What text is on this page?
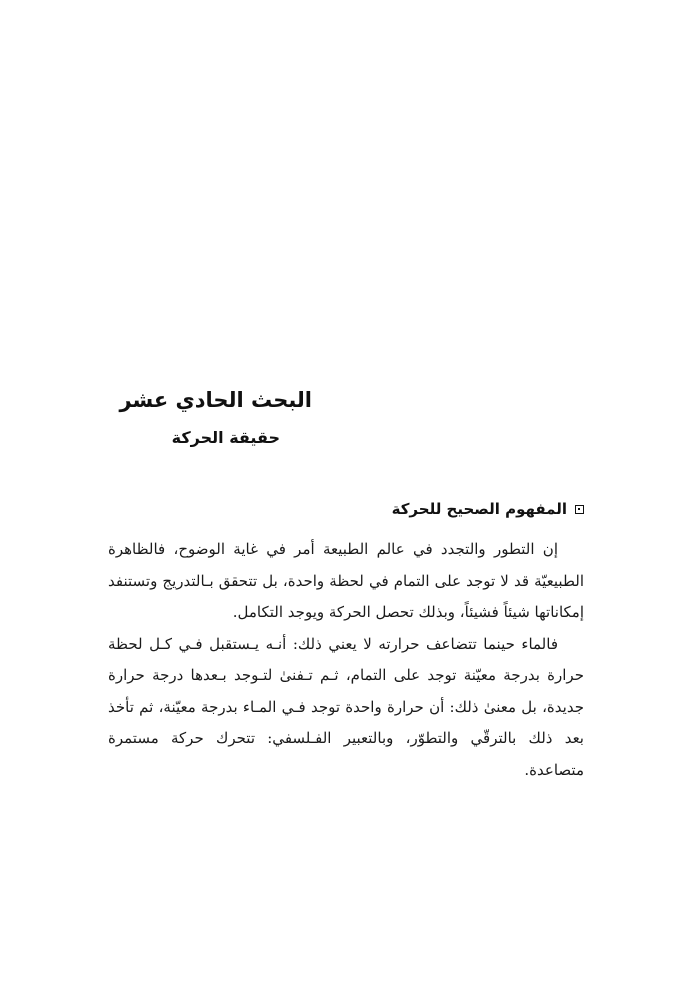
البحث الحادي عشر
حقيقة الحركة
المفهوم الصحيح للحركة

إن التطور والتجدد في عالم الطبيعة أمر في غاية الوضوح، فالظاهرة الطبيعيّة قد لا توجد على التمام في لحظة واحدة، بل تتحقق بـالتدريج وتستنفد إمكاناتها شيئاً فشيئاً، وبذلك تحصل الحركة ويوجد التكامل.

فالماء حينما تتضاعف حرارته لا يعني ذلك: أنـه يـستقبل فـي كـل لحظة حرارة بدرجة معيّنة توجد على التمام، ثـم تـفنىٰ لتـوجد بـعدها درجة حرارة جديدة، بل معنىٰ ذلك: أن حرارة واحدة توجد فـي المـاء بدرجة معيّنة، ثم تأخذ بعد ذلك بالترقّي والتطوّر، وبالتعبير الفـلسفي: تتحرك حركة مستمرة متصاعدة.
